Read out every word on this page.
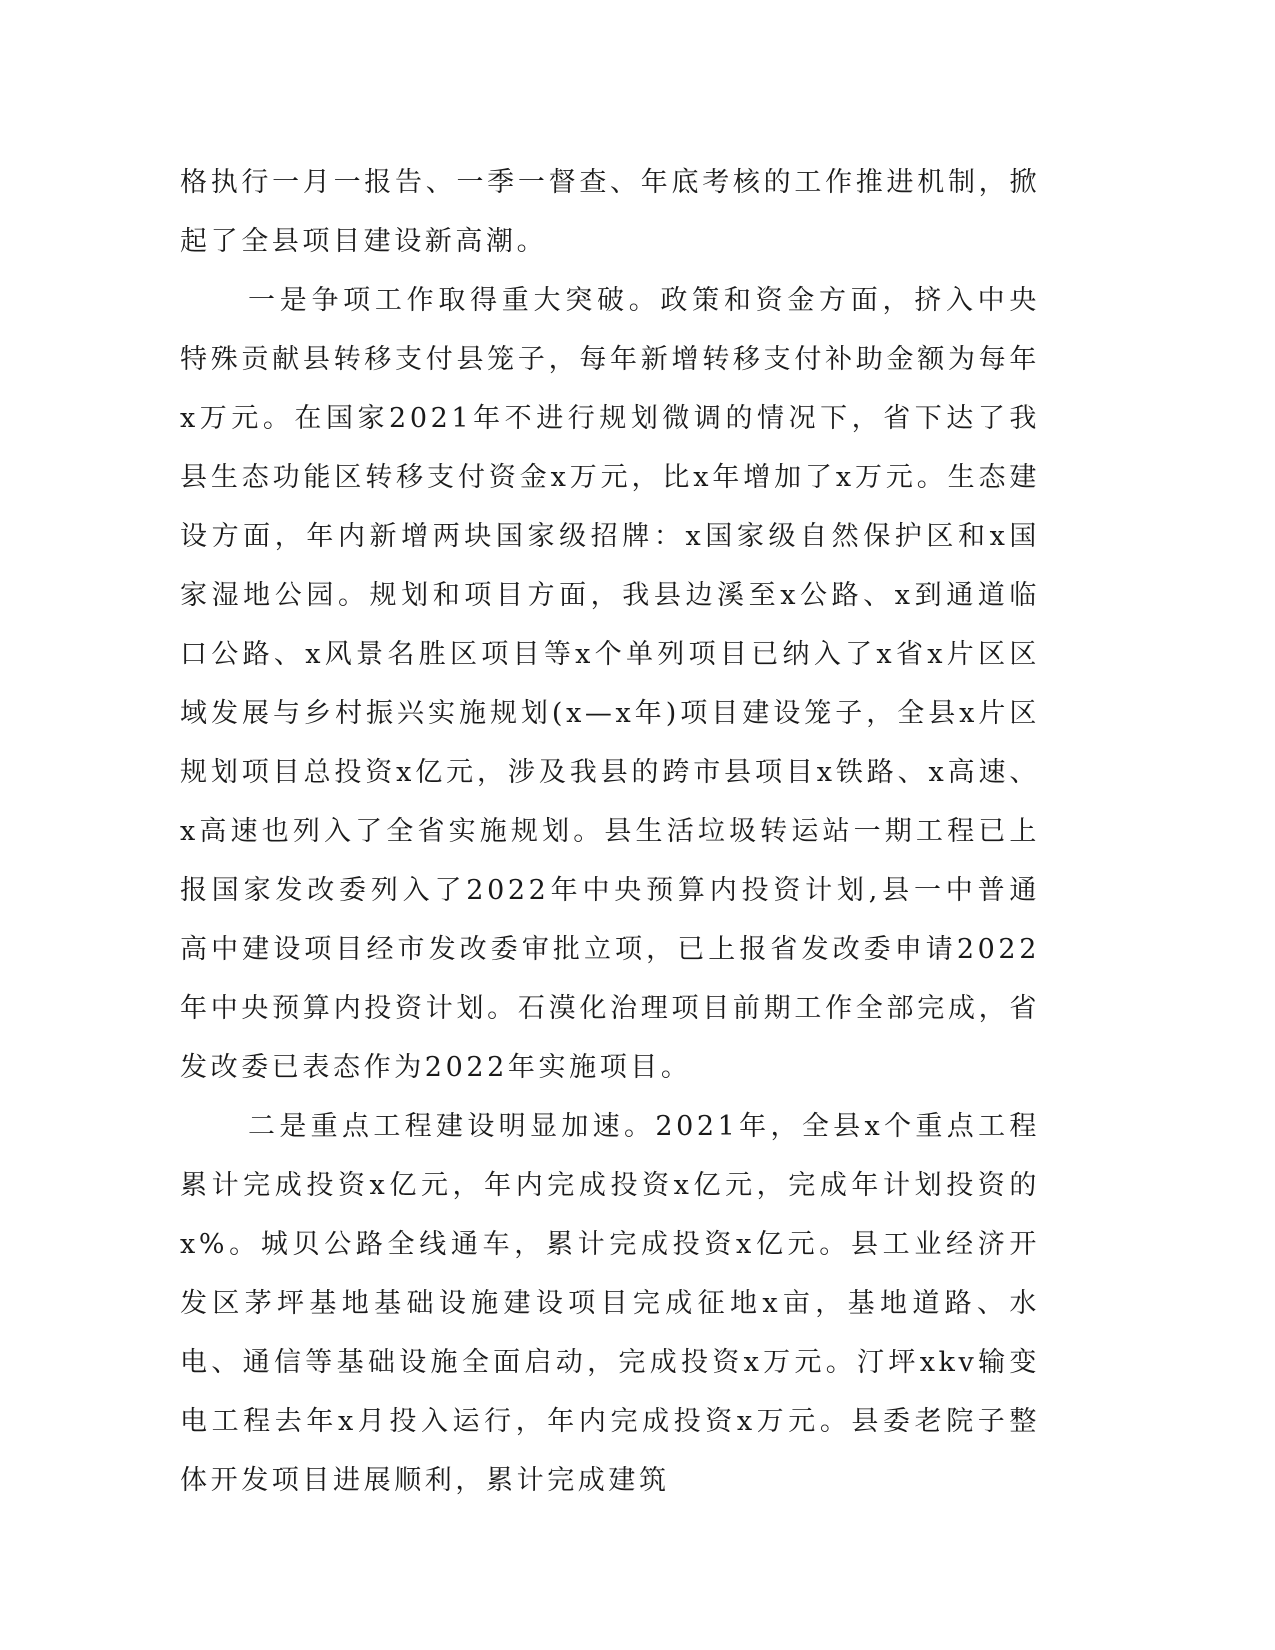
格执行一月一报告、一季一督查、年底考核的工作推进机制，掀起了全县项目建设新高潮。

一是争项工作取得重大突破。政策和资金方面，挤入中央特殊贡献县转移支付县笼子，每年新增转移支付补助金额为每年x万元。在国家2021年不进行规划微调的情况下，省下达了我县生态功能区转移支付资金x万元，比x年增加了x万元。生态建设方面，年内新增两块国家级招牌：x国家级自然保护区和x国家湿地公园。规划和项目方面，我县边溪至x公路、x到通道临口公路、x风景名胜区项目等x个单列项目已纳入了x省x片区区域发展与乡村振兴实施规划(x—x年)项目建设笼子，全县x片区规划项目总投资x亿元，涉及我县的跨市县项目x铁路、x高速、x高速也列入了全省实施规划。县生活垃圾转运站一期工程已上报国家发改委列入了2022年中央预算内投资计划,县一中普通高中建设项目经市发改委审批立项，已上报省发改委申请2022年中央预算内投资计划。石漠化治理项目前期工作全部完成，省发改委已表态作为2022年实施项目。

二是重点工程建设明显加速。2021年，全县x个重点工程累计完成投资x亿元，年内完成投资x亿元，完成年计划投资的x%。城贝公路全线通车，累计完成投资x亿元。县工业经济开发区茅坪基地基础设施建设项目完成征地x亩，基地道路、水电、通信等基础设施全面启动，完成投资x万元。汀坪xkv输变电工程去年x月投入运行，年内完成投资x万元。县委老院子整体开发项目进展顺利，累计完成建筑
